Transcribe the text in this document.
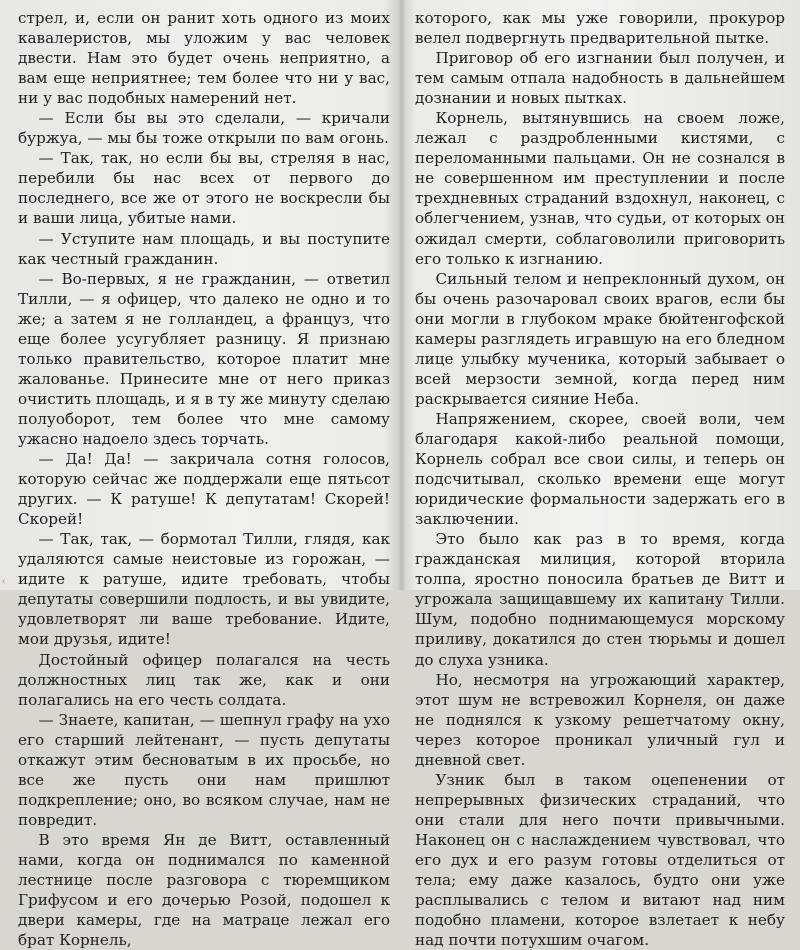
стрел, и, если он ранит хоть одного из моих кавалеристов, мы уложим у вас человек двести. Нам это будет очень неприятно, а вам еще неприятнее; тем более что ни у вас, ни у вас подобных намерений нет.

— Если бы вы это сделали, — кричали буржуа, — мы бы тоже открыли по вам огонь.

— Так, так, но если бы вы, стреляя в нас, перебили бы нас всех от первого до последнего, все же от этого не воскресли бы и ваши лица, убитые нами.

— Уступите нам площадь, и вы поступите как честный гражданин.

— Во-первых, я не гражданин, — ответил Тилли, — я офицер, что далеко не одно и то же; а затем я не голландец, а француз, что еще более усугубляет разницу. Я признаю только правительство, которое платит мне жалованье. Принесите мне от него приказ очистить площадь, и я в ту же минуту сделаю полуоборот, тем более что мне самому ужасно надоело здесь торчать.

— Да! Да! — закричала сотня голосов, которую сейчас же поддержали еще пятьсот других. — К ратуше! К депутатам! Скорей! Скорей!

— Так, так, — бормотал Тилли, глядя, как удаляются самые неистовые из горожан, — идите к ратуше, идите требовать, чтобы депутаты совершили подлость, и вы увидите, удовлетворят ли ваше требование. Идите, мои друзья, идите!

Достойный офицер полагался на честь должностных лиц так же, как и они полагались на его честь солдата.

— Знаете, капитан, — шепнул графу на ухо его старший лейтенант, — пусть депутаты откажут этим бесноватым в их просьбе, но все же пусть они нам пришлют подкрепление; оно, во всяком случае, нам не повредит.

В это время Ян де Витт, оставленный нами, когда он поднимался по каменной лестнице после разговора с тюремщиком Грифусом и его дочерью Розой, подошел к двери камеры, где на матраце лежал его брат Корнель,

которого, как мы уже говорили, прокурор велел подвергнуть предварительной пытке.

Приговор об его изгнании был получен, и тем самым отпала надобность в дальнейшем дознании и новых пытках.

Корнель, вытянувшись на своем ложе, лежал с раздробленными кистями, с переломанными пальцами. Он не сознался в не совершенном им преступлении и после трехдневных страданий вздохнул, наконец, с облегчением, узнав, что судьи, от которых он ожидал смерти, соблаговолили приговорить его только к изгнанию.

Сильный телом и непреклонный духом, он бы очень разочаровал своих врагов, если бы они могли в глубоком мраке бюйтенгофской камеры разглядеть игравшую на его бледном лице улыбку мученика, который забывает о всей мерзости земной, когда перед ним раскрывается сияние Неба.

Напряжением, скорее, своей воли, чем благодаря какой-либо реальной помощи, Корнель собрал все свои силы, и теперь он подсчитывал, сколько времени еще могут юридические формальности задержать его в заключении.

Это было как раз в то время, когда гражданская милиция, которой вторила толпа, яростно поносила братьев де Витт и угрожала защищавшему их капитану Тилли. Шум, подобно поднимающемуся морскому приливу, докатился до стен тюрьмы и дошел до слуха узника.

Но, несмотря на угрожающий характер, этот шум не встревожил Корнеля, он даже не поднялся к узкому решетчатому окну, через которое проникал уличный гул и дневной свет.

Узник был в таком оцепенении от непрерывных физических страданий, что они стали для него почти привычными. Наконец он с наслаждением чувствовал, что его дух и его разум готовы отделиться от тела; ему даже казалось, будто они уже расплывались с телом и витают над ним подобно пламени, которое взлетает к небу над почти потухшим очагом.

‹
